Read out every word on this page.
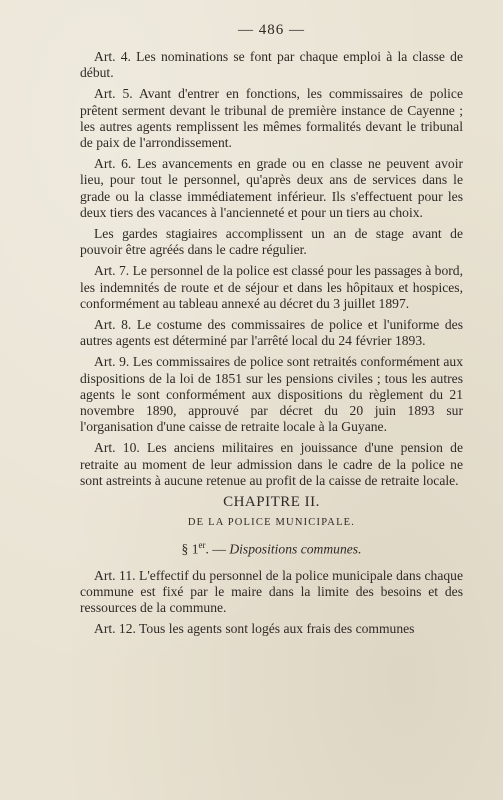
— 486 —

Art. 4. Les nominations se font par chaque emploi à la classe de début.

Art. 5. Avant d'entrer en fonctions, les commissaires de police prêtent serment devant le tribunal de première instance de Cayenne ; les autres agents remplissent les mêmes formalités devant le tribunal de paix de l'arrondissement.

Art. 6. Les avancements en grade ou en classe ne peuvent avoir lieu, pour tout le personnel, qu'après deux ans de services dans le grade ou la classe immédiatement inférieur. Ils s'effectuent pour les deux tiers des vacances à l'ancienneté et pour un tiers au choix.

Les gardes stagiaires accomplissent un an de stage avant de pouvoir être agréés dans le cadre régulier.

Art. 7. Le personnel de la police est classé pour les passages à bord, les indemnités de route et de séjour et dans les hôpitaux et hospices, conformément au tableau annexé au décret du 3 juillet 1897.

Art. 8. Le costume des commissaires de police et l'uniforme des autres agents est déterminé par l'arrêté local du 24 février 1893.

Art. 9. Les commissaires de police sont retraités conformément aux dispositions de la loi de 1851 sur les pensions civiles ; tous les autres agents le sont conformément aux dispositions du règlement du 21 novembre 1890, approuvé par décret du 20 juin 1893 sur l'organisation d'une caisse de retraite locale à la Guyane.

Art. 10. Les anciens militaires en jouissance d'une pension de retraite au moment de leur admission dans le cadre de la police ne sont astreints à aucune retenue au profit de la caisse de retraite locale.

CHAPITRE II.
DE LA POLICE MUNICIPALE.
§ 1er. — Dispositions communes.

Art. 11. L'effectif du personnel de la police municipale dans chaque commune est fixé par le maire dans la limite des besoins et des ressources de la commune.

Art. 12. Tous les agents sont logés aux frais des communes
